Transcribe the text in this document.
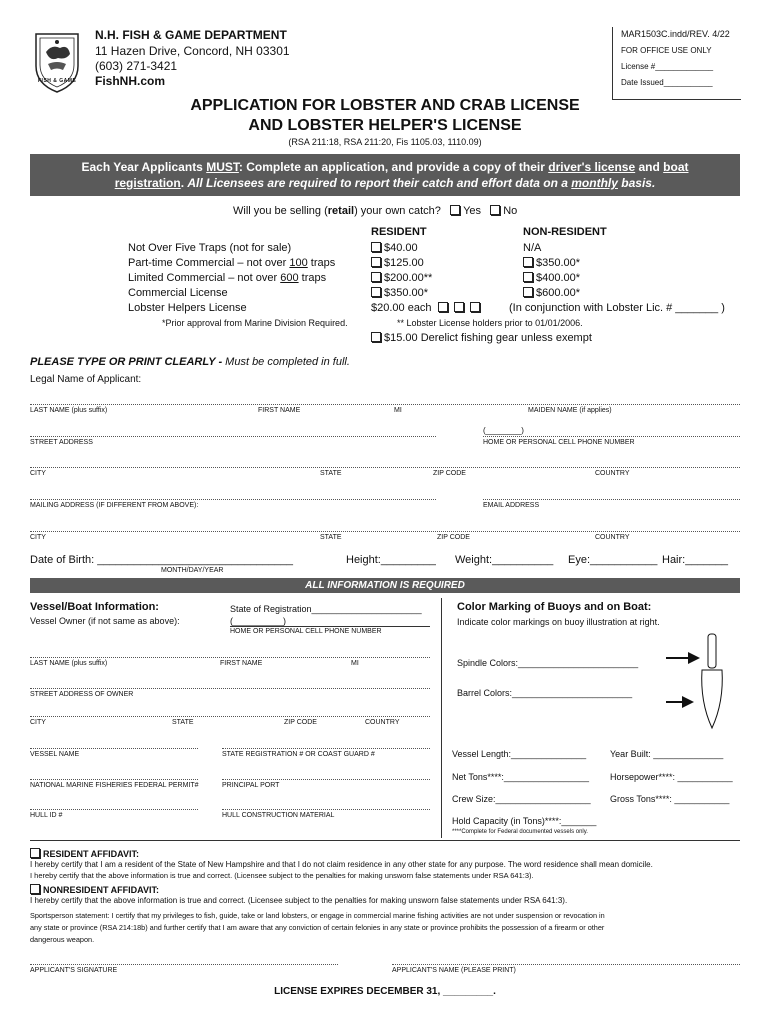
FISH & GAME
N.H. FISH & GAME DEPARTMENT
11 Hazen Drive, Concord, NH 03301
(603) 271-3421
FishNH.com
MAR1503C.indd/REV. 4/22
FOR OFFICE USE ONLY
License #_____________
Date Issued___________
APPLICATION FOR LOBSTER AND CRAB LICENSE
AND LOBSTER HELPER'S LICENSE
(RSA 211:18, RSA 211:20, Fis 1105.03, 1110.09)
Each Year Applicants MUST: Complete an application, and provide a copy of their driver's license and boat registration. All Licensees are required to report their catch and effort data on a monthly basis.
Will you be selling (retail) your own catch? Yes No
RESIDENT	NON-RESIDENT
Not Over Five Traps (not for sale)	$40.00	N/A
Part-time Commercial – not over 100 traps	$125.00	$350.00*
Limited Commercial – not over 600 traps	$200.00**	$400.00*
Commercial License	$350.00*	$600.00*
Lobster Helpers License	$20.00 each	(In conjunction with Lobster Lic. # _______ )
*Prior approval from Marine Division Required.	** Lobster License holders prior to 01/01/2006.
$15.00 Derelict fishing gear unless exempt
PLEASE TYPE OR PRINT CLEARLY - Must be completed in full.
Legal Name of Applicant:
LAST NAME (plus suffix)	FIRST NAME	MI	MAIDEN NAME (if applies)
(________)
STREET ADDRESS	HOME OR PERSONAL CELL PHONE NUMBER
CITY	STATE	ZIP CODE	COUNTRY
MAILING ADDRESS (IF DIFFERENT FROM ABOVE):	EMAIL ADDRESS
CITY	STATE	ZIP CODE	COUNTRY
Date of Birth: ________________________________
MONTH/DAY/YEAR
Height:_________ Weight:__________ Eye:___________ Hair:_______
ALL INFORMATION IS REQUIRED
Vessel/Boat Information:
Vessel Owner (if not same as above):
State of Registration______________________
(__________)
HOME OR PERSONAL CELL PHONE NUMBER
LAST NAME (plus suffix)	FIRST NAME	MI
STREET ADDRESS OF OWNER
CITY	STATE	ZIP CODE	COUNTRY
VESSEL NAME	STATE REGISTRATION # OR COAST GUARD #
NATIONAL MARINE FISHERIES FEDERAL PERMIT#	PRINCIPAL PORT
HULL ID #	HULL CONSTRUCTION MATERIAL
Color Marking of Buoys and on Boat:
Indicate color markings on buoy illustration at right.
Spindle Colors:________________________
Barrel Colors:________________________
Vessel Length:_______________	Year Built: ______________
Net Tons****:_________________ Horsepower****: ___________
Crew Size:___________________ Gross Tons****: ___________
Hold Capacity (in Tons)****:_______
****Complete for Federal documented vessels only.
RESIDENT AFFIDAVIT:
I hereby certify that I am a resident of the State of New Hampshire and that I do not claim residence in any other state for any purpose. The word residence shall mean domicile.
I hereby certify that the above information is true and correct. (Licensee subject to the penalties for making unsworn false statements under RSA 641:3).
NONRESIDENT AFFIDAVIT:
I hereby certify that the above information is true and correct. (Licensee subject to the penalties for making unsworn false statements under RSA 641:3).
Sportsperson statement: I certify that my privileges to fish, guide, take or land lobsters, or engage in commercial marine fishing activities are not under suspension or revocation in
any state or province (RSA 214:18b) and further certify that I am aware that any conviction of certain felonies in any state or province prohibits the possession of a firearm or other
dangerous weapon.
APPLICANT'S SIGNATURE	APPLICANT'S NAME (PLEASE PRINT)
LICENSE EXPIRES DECEMBER 31, _________.
